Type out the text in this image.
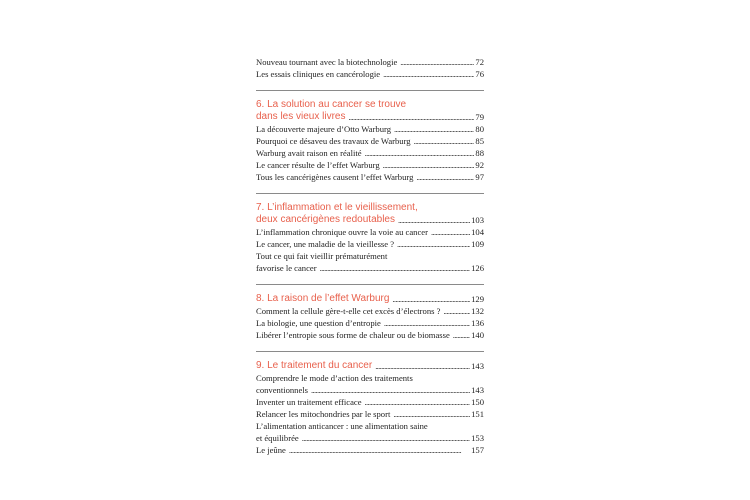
Nouveau tournant avec la biotechnologie . . .	72
Les essais cliniques en cancérologie . . .	76
6. La solution au cancer se trouve
dans les vieux livres . . .	79
La découverte majeure d’Otto Warburg . . .	80
Pourquoi ce désaveu des travaux de Warburg . . .	85
Warburg avait raison en réalité . . .	88
Le cancer résulte de l’effet Warburg . . .	92
Tous les cancérigènes causent l’effet Warburg . . .	97
7. L’inflammation et le vieillissement,
deux cancérigènes redoutables . . .	103
L’inflammation chronique ouvre la voie au cancer . . .	104
Le cancer, une maladie de la vieillesse ? . . .	109
Tout ce qui fait vieillir prématurément
favorise le cancer . . .	126
8. La raison de l’effet Warburg . . .	129
Comment la cellule gère-t-elle cet excès d’électrons ? . . .	132
La biologie, une question d’entropie . . .	136
Libérer l’entropie sous forme de chaleur ou de biomasse . . . 140
9. Le traitement du cancer . . .	143
Comprendre le mode d’action des traitements
conventionnels . . .	143
Inventer un traitement efficace . . .	150
Relancer les mitochondries par le sport . . .	151
L’alimentation anticancer : une alimentation saine
et équilibrée . . .	153
Le jeûne . . .	157
